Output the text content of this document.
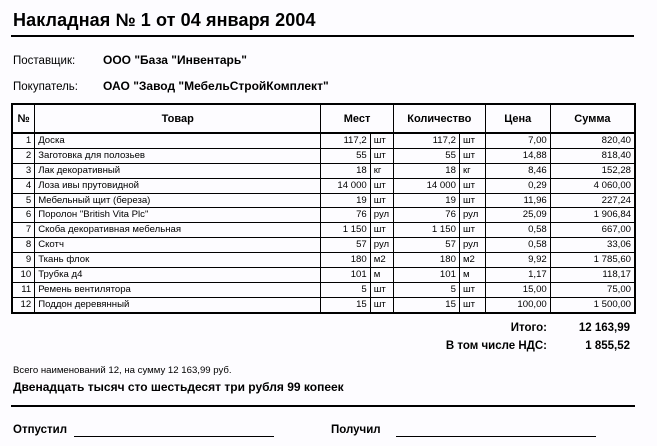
Накладная № 1 от 04 января 2004
Поставщик: ООО "База "Инвентарь"
Покупатель: ОАО "Завод "МебельСтройКомплект"
№	Товар	Мест		Количество		Цена	Сумма
1	Доска	117,2	шт	117,2	шт	7,00	820,40
2	Заготовка для полозьев	55	шт	55	шт	14,88	818,40
3	Лак декоративный	18	кг	18	кг	8,46	152,28
4	Лоза ивы прутовидной	14 000	шт	14 000	шт	0,29	4 060,00
5	Мебельный щит (береза)	19	шт	19	шт	11,96	227,24
6	Поролон "British Vita Plc"	76	рул	76	рул	25,09	1 906,84
7	Скоба декоративная мебельная	1 150	шт	1 150	шт	0,58	667,00
8	Скотч	57	рул	57	рул	0,58	33,06
9	Ткань флок	180	м2	180	м2	9,92	1 785,60
10	Трубка д4	101	м	101	м	1,17	118,17
11	Ремень вентилятора	5	шт	5	шт	15,00	75,00
12	Поддон деревянный	15	шт	15	шт	100,00	1 500,00
Итого:	12 163,99
В том числе НДС:	1 855,52
Всего наименований 12, на сумму 12 163,99 руб.
Двенадцать тысяч сто шестьдесят три рубля 99 копеек
Отпустил	Получил
